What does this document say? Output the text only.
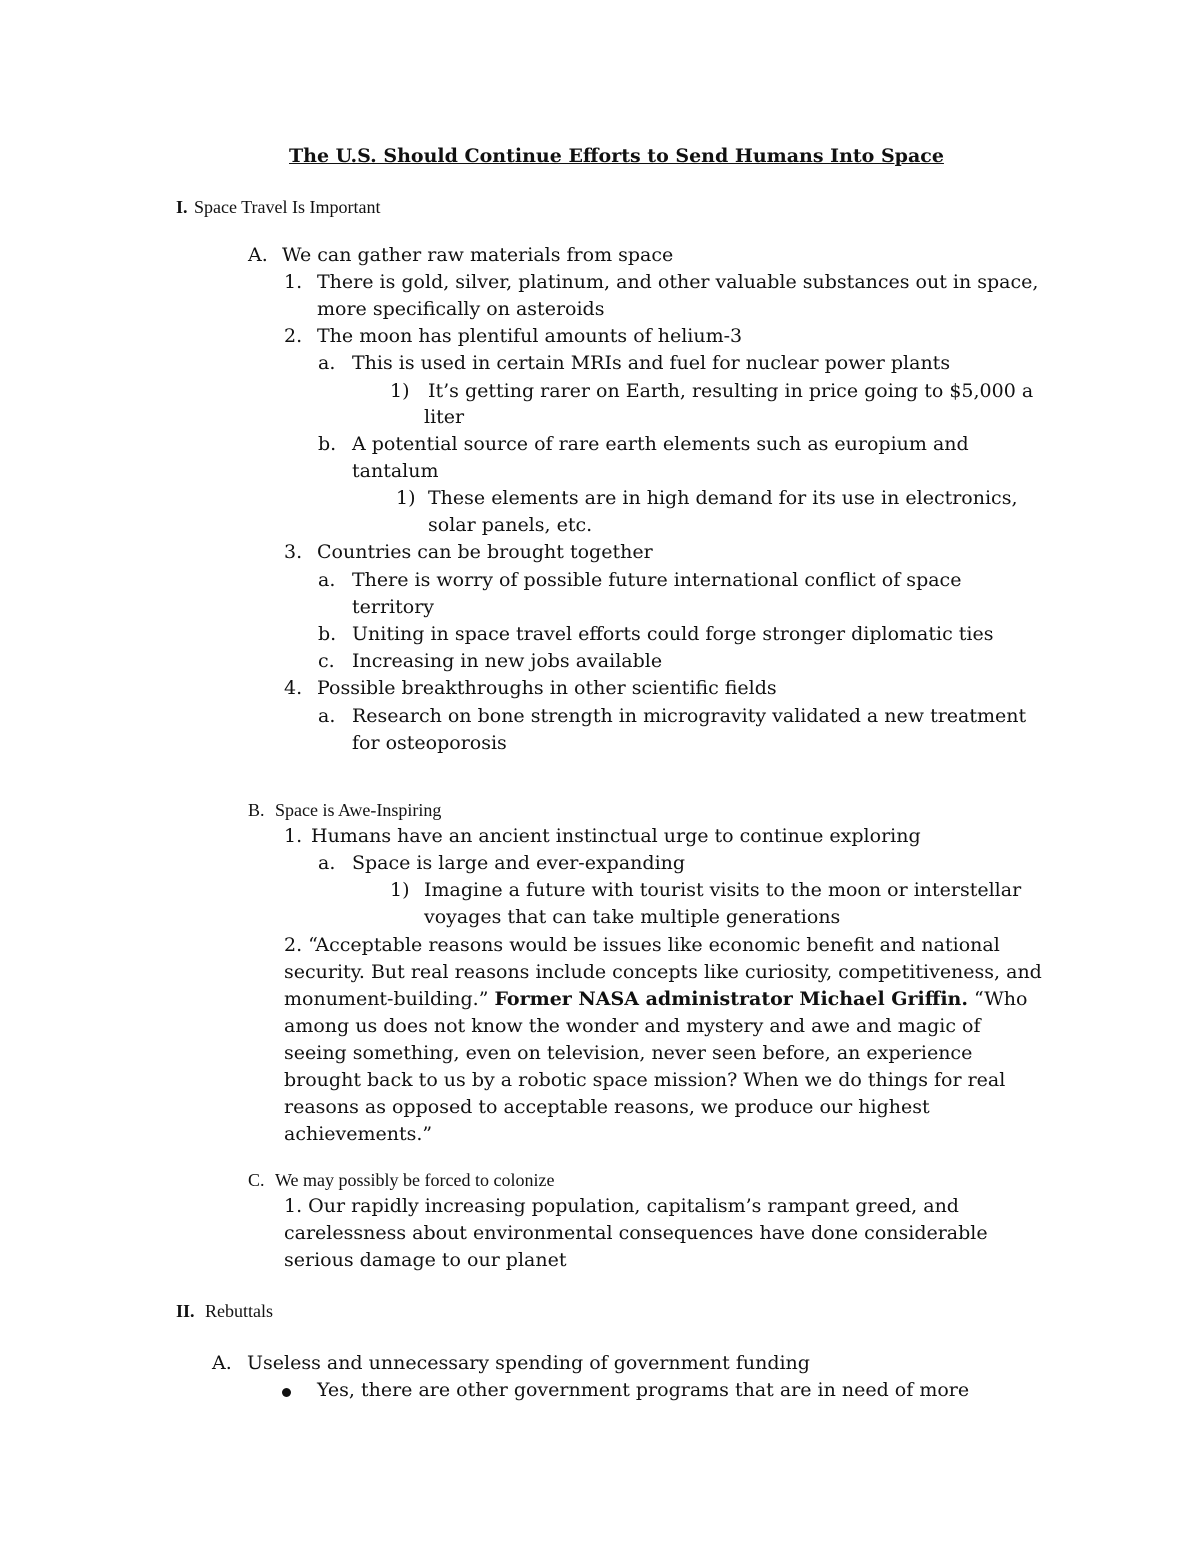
The U.S. Should Continue Efforts to Send Humans Into Space
I. Space Travel Is Important
A. We can gather raw materials from space
1. There is gold, silver, platinum, and other valuable substances out in space,
more specifically on asteroids
2. The moon has plentiful amounts of helium-3
a. This is used in certain MRIs and fuel for nuclear power plants
1) It’s getting rarer on Earth, resulting in price going to $5,000 a
liter
b. A potential source of rare earth elements such as europium and
tantalum
1) These elements are in high demand for its use in electronics,
solar panels, etc.
3. Countries can be brought together
a. There is worry of possible future international conflict of space
territory
b. Uniting in space travel efforts could forge stronger diplomatic ties
c. Increasing in new jobs available
4. Possible breakthroughs in other scientific fields
a. Research on bone strength in microgravity validated a new treatment
for osteoporosis
B. Space is Awe-Inspiring
1. Humans have an ancient instinctual urge to continue exploring
a. Space is large and ever-expanding
1) Imagine a future with tourist visits to the moon or interstellar
voyages that can take multiple generations
2. “Acceptable reasons would be issues like economic benefit and national
security. But real reasons include concepts like curiosity, competitiveness, and
monument-building.” Former NASA administrator Michael Griffin. “Who
among us does not know the wonder and mystery and awe and magic of
seeing something, even on television, never seen before, an experience
brought back to us by a robotic space mission? When we do things for real
reasons as opposed to acceptable reasons, we produce our highest
achievements.”
C. We may possibly be forced to colonize
1. Our rapidly increasing population, capitalism’s rampant greed, and
carelessness about environmental consequences have done considerable
serious damage to our planet
II. Rebuttals
A. Useless and unnecessary spending of government funding
Yes, there are other government programs that are in need of more
